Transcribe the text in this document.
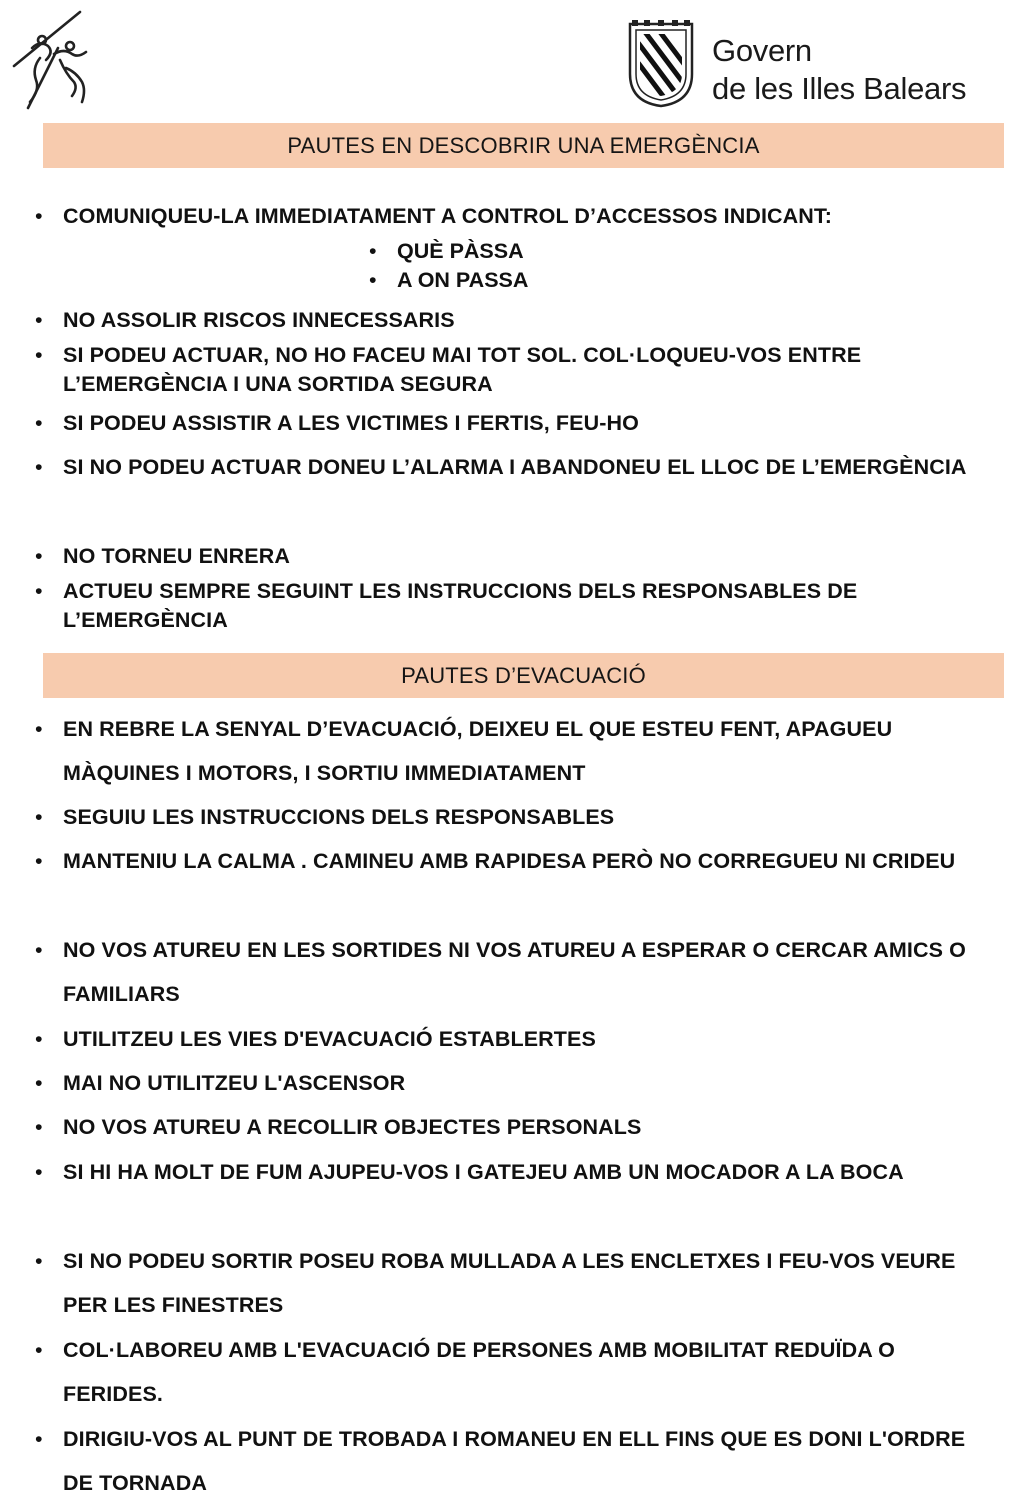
Govern
de les Illes Balears
PAUTES EN DESCOBRIR UNA EMERGÈNCIA
• COMUNIQUEU-LA IMMEDIATAMENT A CONTROL D’ACCESSOS INDICANT:
• QUÈ PÀSSA
• A ON PASSA
• NO ASSOLIR RISCOS INNECESSARIS
• SI PODEU ACTUAR, NO HO FACEU MAI TOT SOL. COL·LOQUEU-VOS ENTRE L’EMERGÈNCIA I UNA SORTIDA SEGURA
• SI PODEU ASSISTIR A LES VICTIMES I FERTIS, FEU-HO
• SI NO PODEU ACTUAR DONEU L’ALARMA I ABANDONEU EL LLOC DE L’EMERGÈNCIA
• NO TORNEU ENRERA
• ACTUEU SEMPRE SEGUINT LES INSTRUCCIONS DELS RESPONSABLES DE L’EMERGÈNCIA
PAUTES D’EVACUACIÓ
• EN REBRE LA SENYAL D’EVACUACIÓ, DEIXEU EL QUE ESTEU FENT, APAGUEU MÀQUINES I MOTORS, I SORTIU IMMEDIATAMENT
• SEGUIU LES INSTRUCCIONS DELS RESPONSABLES
• MANTENIU LA CALMA . CAMINEU AMB RAPIDESA PERÒ NO CORREGUEU NI CRIDEU
• NO VOS ATUREU EN LES SORTIDES NI VOS ATUREU A ESPERAR O CERCAR AMICS O FAMILIARS
• UTILITZEU LES VIES D'EVACUACIÓ ESTABLERTES
• MAI NO UTILITZEU L'ASCENSOR
• NO VOS ATUREU A RECOLLIR OBJECTES PERSONALS
• SI HI HA MOLT DE FUM AJUPEU-VOS I GATEJEU AMB UN MOCADOR A LA BOCA
• SI NO PODEU SORTIR POSEU ROBA MULLADA A LES ENCLETXES I FEU-VOS VEURE PER LES FINESTRES
• COL·LABOREU AMB L'EVACUACIÓ DE PERSONES AMB MOBILITAT REDUÏDA O FERIDES.
• DIRIGIU-VOS AL PUNT DE TROBADA I ROMANEU EN ELL FINS QUE ES DONI L'ORDRE DE TORNADA
